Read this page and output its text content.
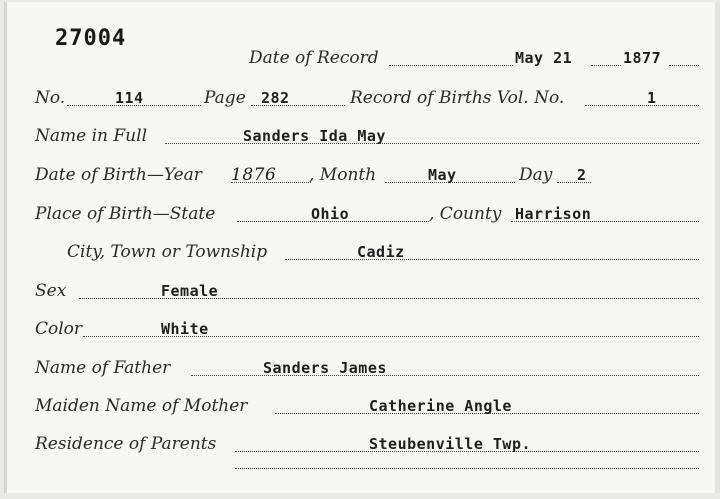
27004
Date of Record	May 21	1877
No.	114	Page 282	Record of Births Vol. No.	1
Name in Full	Sanders Ida May
Date of Birth—Year 1876 , Month	May	Day 2
Place of Birth—State	Ohio	, County Harrison
City, Town or Township	Cadiz
Sex	Female
Color	White
Name of Father	Sanders James
Maiden Name of Mother	Catherine Angle
Residence of Parents	Steubenville Twp.
